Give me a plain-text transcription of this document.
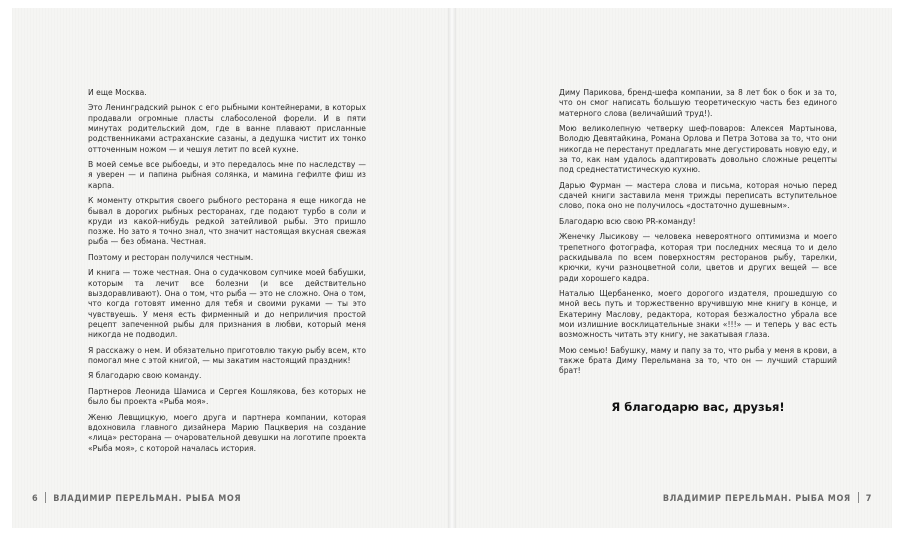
И еще Москва.

Это Ленинградский рынок с его рыбными контейнерами, в которых продавали огромные пласты слабосоленой форели. И в пяти минутах родительский дом, где в ванне плавают присланные родственниками астраханские сазаны, а дедушка чистит их тонко отточенным ножом — и чешуя летит по всей кухне.

В моей семье все рыбоеды, и это передалось мне по наследству — я уверен — и папина рыбная солянка, и мамина гефилте фиш из карпа.

К моменту открытия своего рыбного ресторана я еще никогда не бывал в дорогих рыбных ресторанах, где подают турбо в соли и круди из какой-нибудь редкой затейливой рыбы. Это пришло позже. Но зато я точно знал, что значит настоящая вкусная свежая рыба — без обмана. Честная.

Поэтому и ресторан получился честным.

И книга — тоже честная. Она о судачковом супчике моей бабушки, которым та лечит все болезни (и все действительно выздоравливают). Она о том, что рыба — это не сложно. Она о том, что когда готовят именно для тебя и своими руками — ты это чувствуешь. У меня есть фирменный и до неприличия простой рецепт запеченной рыбы для признания в любви, который меня никогда не подводил.

Я расскажу о нем. И обязательно приготовлю такую рыбу всем, кто помогал мне с этой книгой, — мы закатим настоящий праздник!

Я благодарю свою команду.

Партнеров Леонида Шамиса и Сергея Кошлякова, без которых не было бы проекта «Рыба моя».

Женю Левщицкую, моего друга и партнера компании, которая вдохновила главного дизайнера Марию Пацкверия на создание «лица» ресторана — очаровательной девушки на логотипе проекта «Рыба моя», с которой началась история.

6 ВЛАДИМИР ПЕРЕЛЬМАН. РЫБА МОЯ

Диму Парикова, бренд-шефа компании, за 8 лет бок о бок и за то, что он смог написать большую теоретическую часть без единого матерного слова (величайший труд!).

Мою великолепную четверку шеф-поваров: Алексея Мартынова, Володю Девятайкина, Романа Орлова и Петра Зотова за то, что они никогда не перестанут предлагать мне дегустировать новую еду, и за то, как нам удалось адаптировать довольно сложные рецепты под среднестатистическую кухню.

Дарью Фурман — мастера слова и письма, которая ночью перед сдачей книги заставила меня трижды переписать вступительное слово, пока оно не получилось «достаточно душевным».

Благодарю всю свою PR-команду!

Женечку Лысикову — человека невероятного оптимизма и моего трепетного фотографа, которая три последних месяца то и дело раскидывала по всем поверхностям ресторанов рыбу, тарелки, крючки, кучи разноцветной соли, цветов и других вещей — все ради хорошего кадра.

Наталью Щербаненко, моего дорогого издателя, прошедшую со мной весь путь и торжественно вручившую мне книгу в конце, и Екатерину Маслову, редактора, которая безжалостно убрала все мои излишние восклицательные знаки «!!!» — и теперь у вас есть возможность читать эту книгу, не закатывая глаза.

Мою семью! Бабушку, маму и папу за то, что рыба у меня в крови, а также брата Диму Перельмана за то, что он — лучший старший брат!

Я благодарю вас, друзья!
ВЛАДИМИР ПЕРЕЛЬМАН. РЫБА МОЯ 7
